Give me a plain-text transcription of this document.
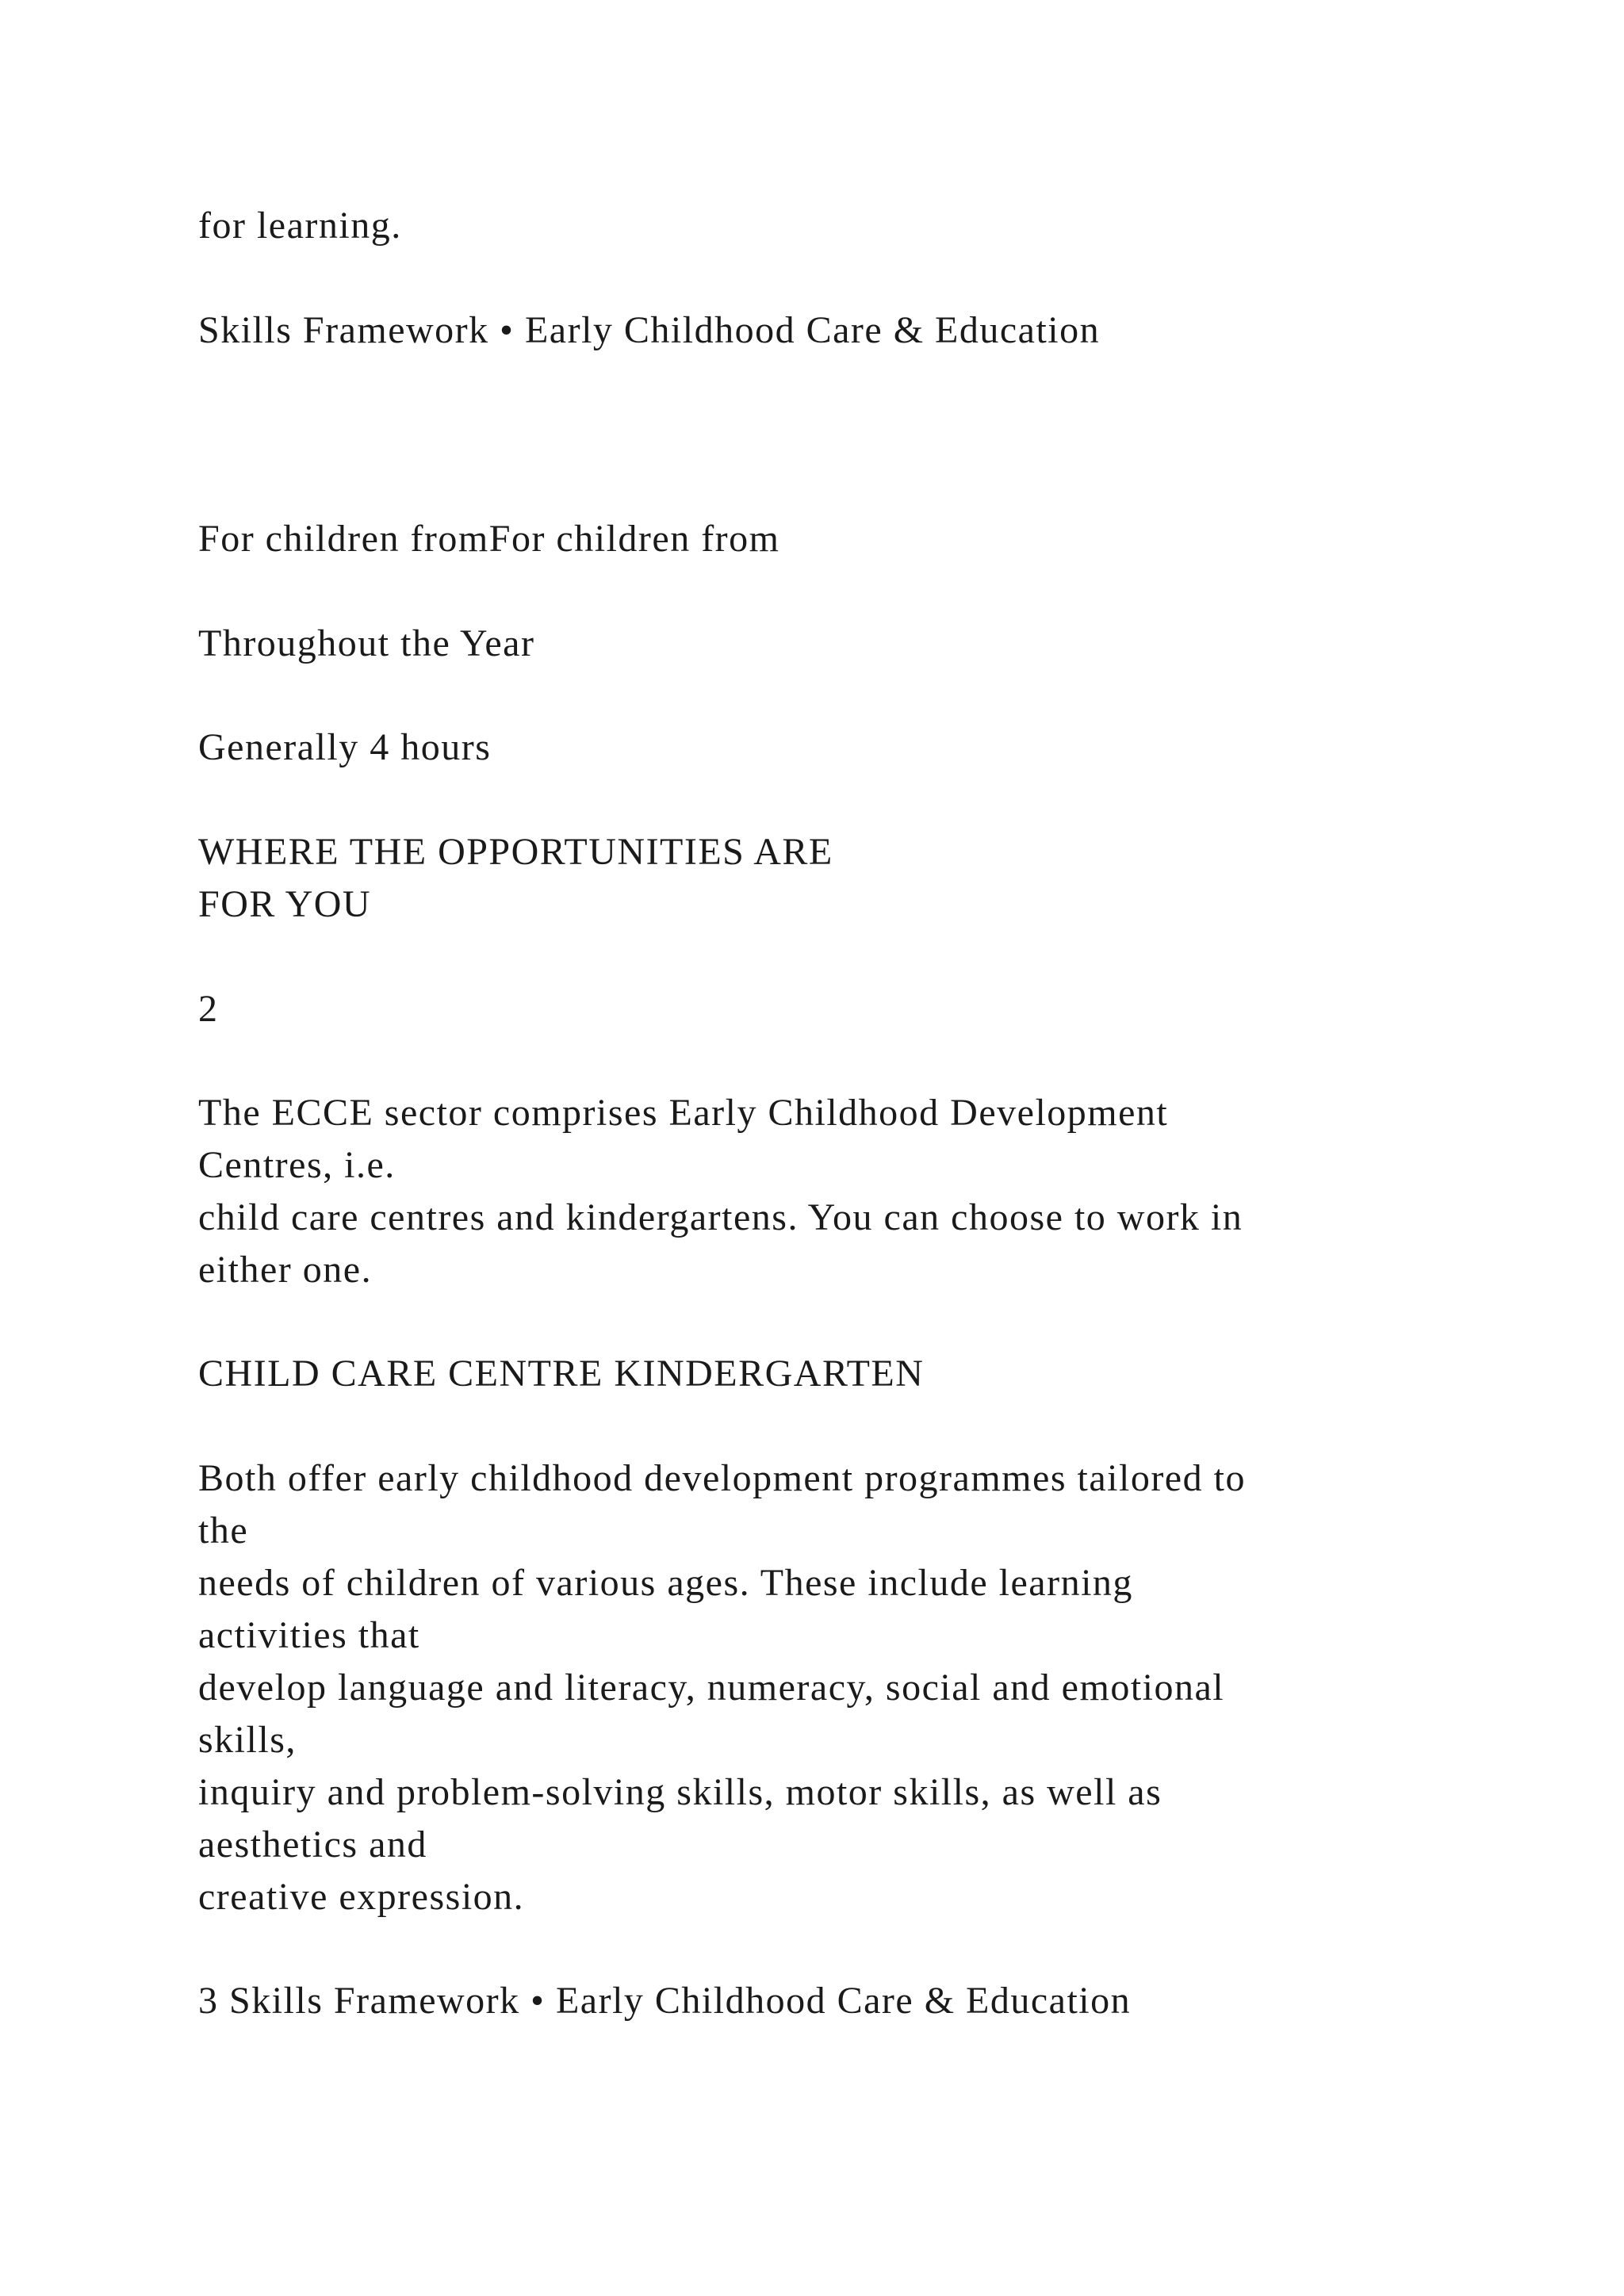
for learning.

Skills Framework • Early Childhood Care & Education

For children fromFor children from

Throughout the Year

Generally 4 hours

WHERE THE OPPORTUNITIES ARE
FOR YOU

2

The ECCE sector comprises Early Childhood Development
Centres, i.e.
child care centres and kindergartens. You can choose to work in
either one.

CHILD CARE CENTRE KINDERGARTEN

Both offer early childhood development programmes tailored to
the
needs of children of various ages. These include learning
activities that
develop language and literacy, numeracy, social and emotional
skills,
inquiry and problem-solving skills, motor skills, as well as
aesthetics and
creative expression.

3 Skills Framework • Early Childhood Care & Education
